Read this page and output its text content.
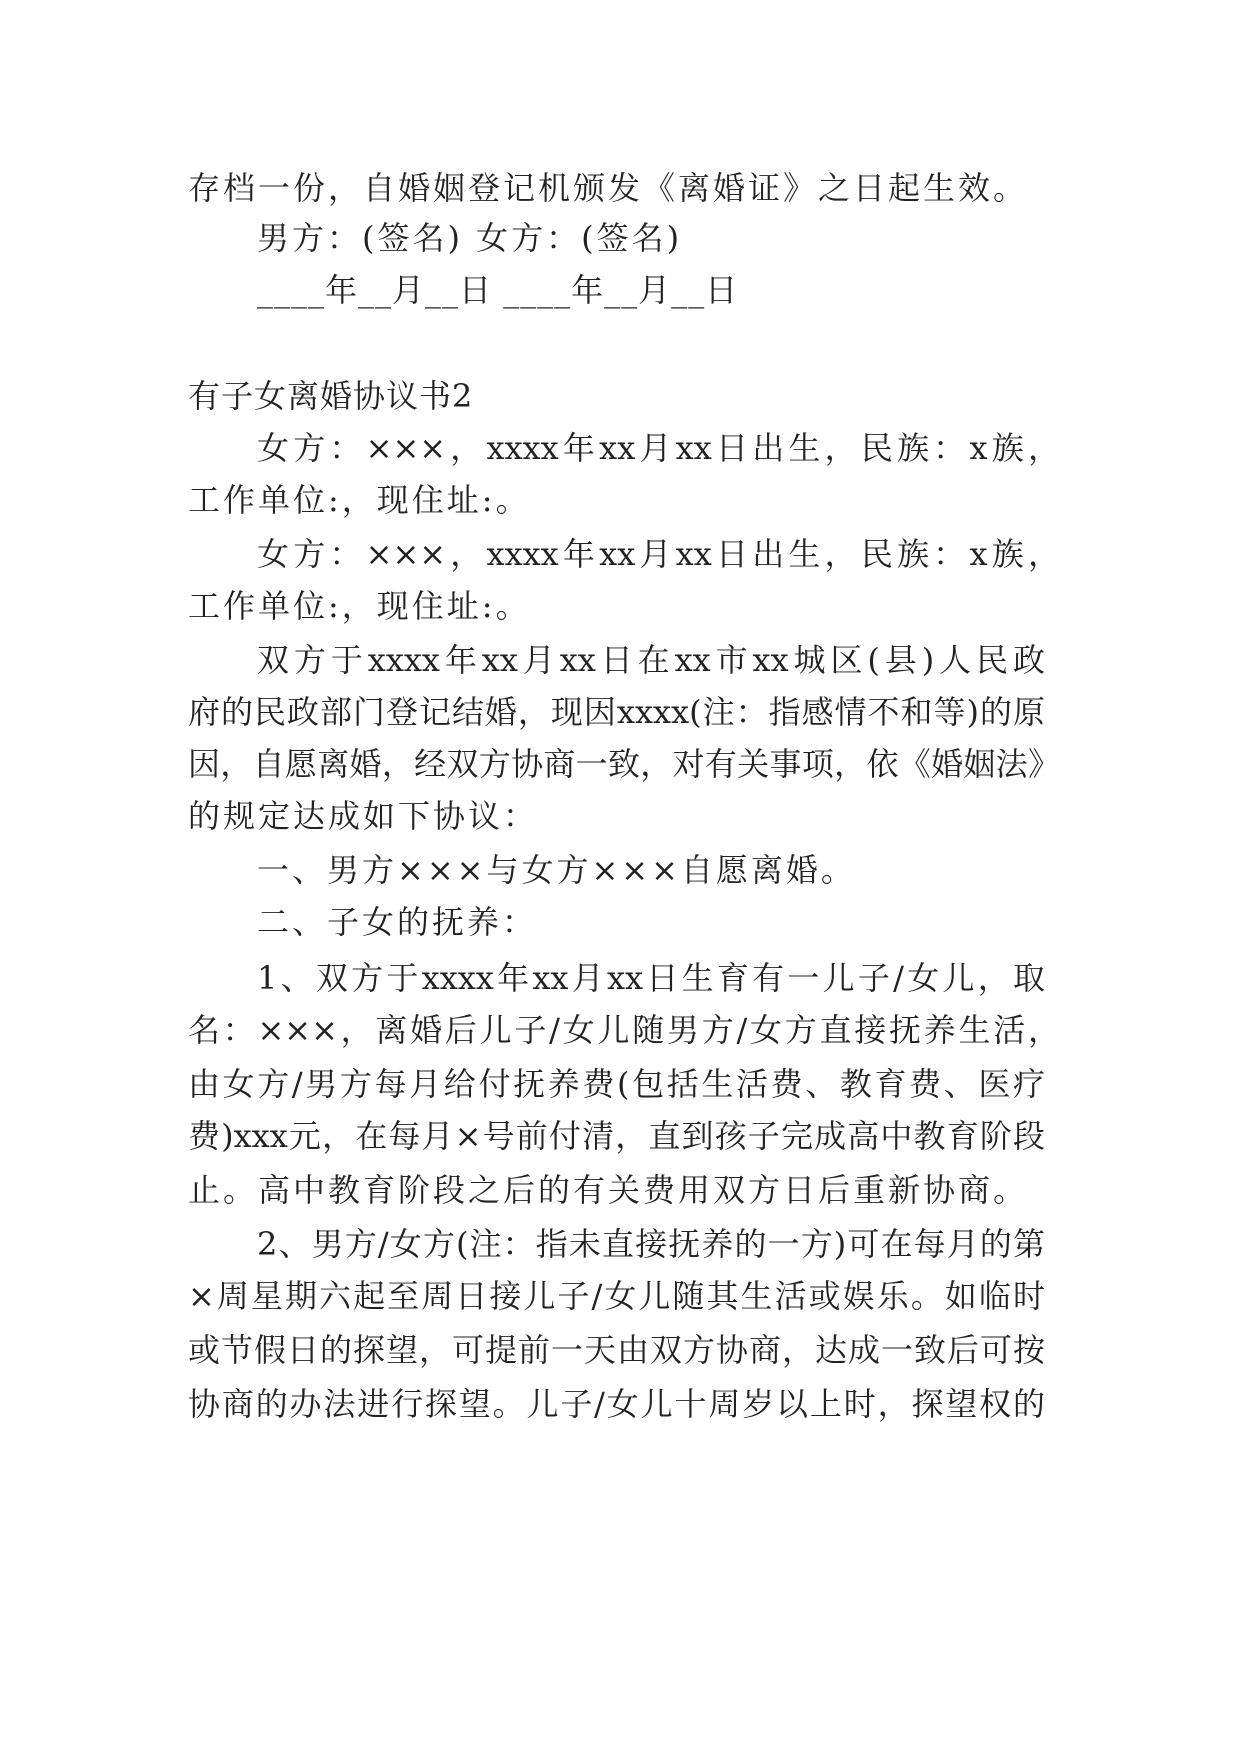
存档一份，自婚姻登记机颁发《离婚证》之日起生效。
男方：(签名) 女方：(签名)
____年__月__日 ____年__月__日
有子女离婚协议书2
女方：×××，xxxx年xx月xx日出生，民族：x族，
工作单位:，现住址:。
女方：×××，xxxx年xx月xx日出生，民族：x族，
工作单位:，现住址:。
双方于xxxx年xx月xx日在xx市xx城区(县)人民政
府的民政部门登记结婚，现因xxxx(注：指感情不和等)的原
因，自愿离婚，经双方协商一致，对有关事项，依《婚姻法》
的规定达成如下协议：
一、男方×××与女方×××自愿离婚。
二、子女的抚养：
1、双方于xxxx年xx月xx日生育有一儿子/女儿，取
名：×××，离婚后儿子/女儿随男方/女方直接抚养生活，
由女方/男方每月给付抚养费(包括生活费、教育费、医疗
费)xxx元，在每月×号前付清，直到孩子完成高中教育阶段
止。高中教育阶段之后的有关费用双方日后重新协商。
2、男方/女方(注：指未直接抚养的一方)可在每月的第
×周星期六起至周日接儿子/女儿随其生活或娱乐。如临时
或节假日的探望，可提前一天由双方协商，达成一致后可按
协商的办法进行探望。儿子/女儿十周岁以上时，探望权的
